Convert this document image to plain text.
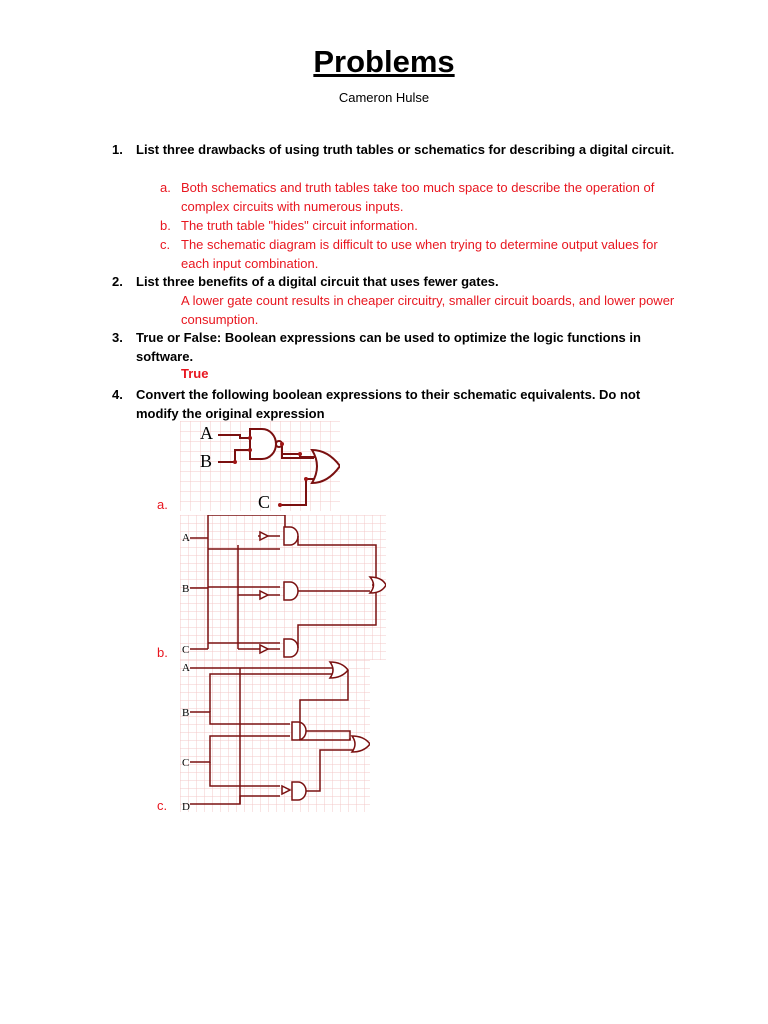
Problems
Cameron Hulse
1. List three drawbacks of using truth tables or schematics for describing a digital circuit.
a. Both schematics and truth tables take too much space to describe the operation of complex circuits with numerous inputs.
b. The truth table "hides" circuit information.
c. The schematic diagram is difficult to use when trying to determine output values for each input combination.
2. List three benefits of a digital circuit that uses fewer gates.
A lower gate count results in cheaper circuitry, smaller circuit boards, and lower power consumption.
3. True or False: Boolean expressions can be used to optimize the logic functions in software.
True
4. Convert the following boolean expressions to their schematic equivalents. Do not modify the original expression
a.
b.
c.
A
B
C
A
B
C
A
B
C
D
